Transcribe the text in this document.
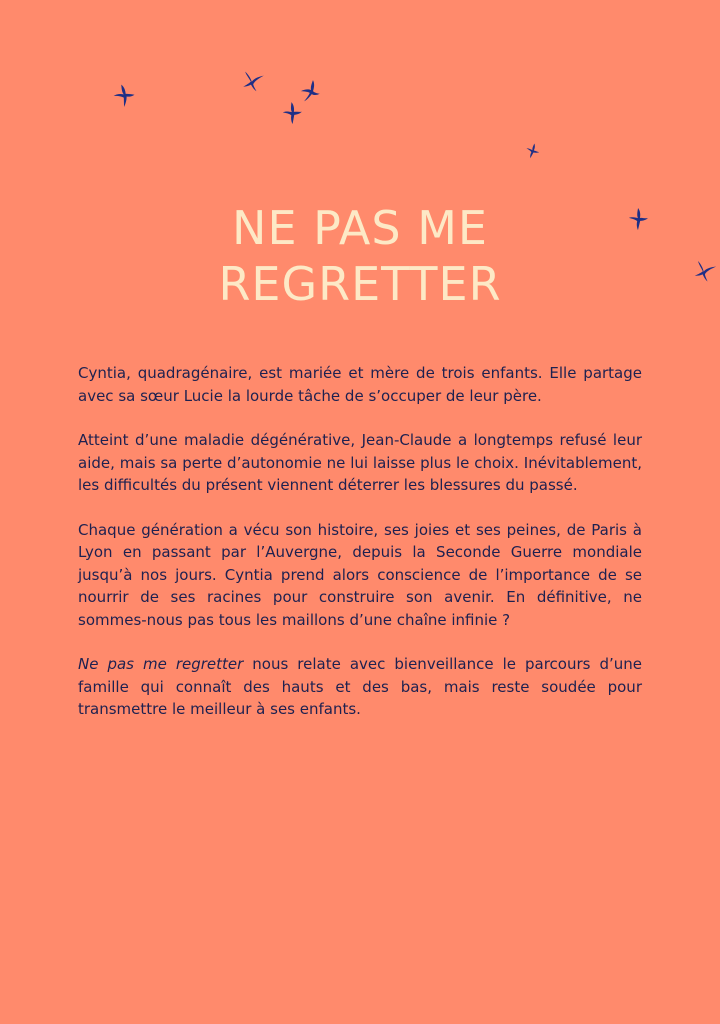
NE PAS ME
REGRETTER

Cyntia, quadragénaire, est mariée et mère de trois enfants. Elle partage avec sa sœur Lucie la lourde tâche de s’occuper de leur père.

Atteint d’une maladie dégénérative, Jean-Claude a longtemps refusé leur aide, mais sa perte d’autonomie ne lui laisse plus le choix. Inévitablement, les difficultés du présent viennent déterrer les blessures du passé.

Chaque génération a vécu son histoire, ses joies et ses peines, de Paris à Lyon en passant par l’Auvergne, depuis la Seconde Guerre mondiale jusqu’à nos jours. Cyntia prend alors conscience de l’importance de se nourrir de ses racines pour construire son avenir. En définitive, ne sommes-nous pas tous les maillons d’une chaîne infinie ?

Ne pas me regretter nous relate avec bienveillance le parcours d’une famille qui connaît des hauts et des bas, mais reste soudée pour transmettre le meilleur à ses enfants.
